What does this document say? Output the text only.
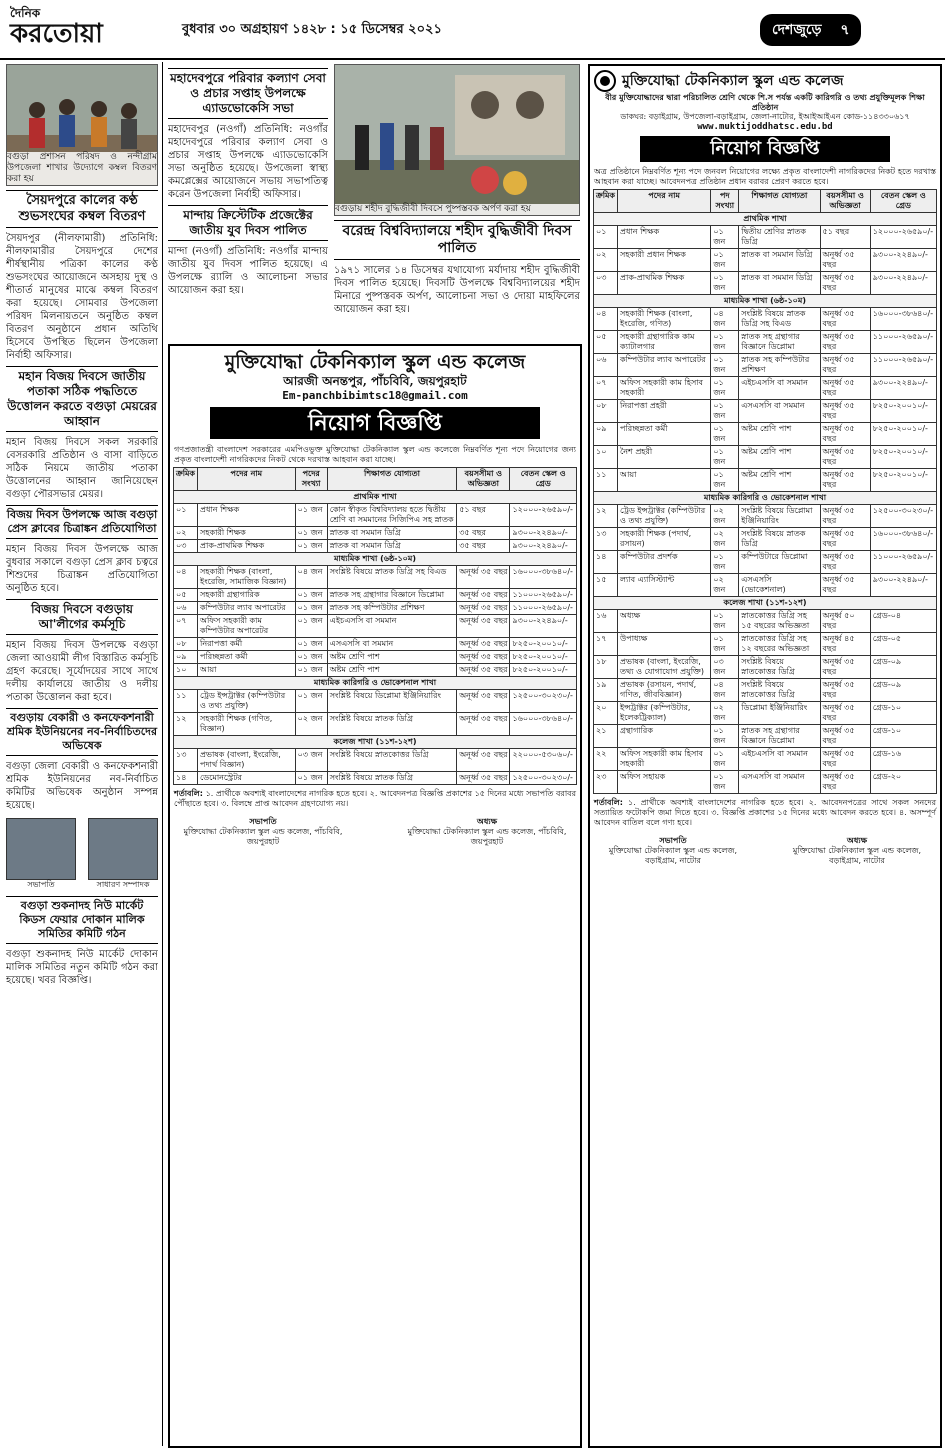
দৈনিক
করতোয়া	বুধবার ৩০ অগ্রহায়ণ ১৪২৮ : ১৫ ডিসেম্বর ২০২১	দেশজুড়ে ৭
বগুড়া প্রশাসন পরিষদ ও নন্দীগ্রাম উপজেলা শাখার উদ্যোগে কম্বল বিতরণ করা হয়
সৈয়দপুরে কালের কণ্ঠ শুভসংঘের কম্বল বিতরণ

সৈয়দপুর (নীলফামারী) প্রতিনিধি: নীলফামারীর সৈয়দপুরে দেশের শীর্ষস্থানীয় পত্রিকা কালের কণ্ঠ শুভসংঘের আয়োজনে অসহায় দুস্থ ও শীতার্ত মানুষের মাঝে কম্বল বিতরণ করা হয়েছে। সোমবার উপজেলা পরিষদ মিলনায়তনে অনুষ্ঠিত কম্বল বিতরণ অনুষ্ঠানে প্রধান অতিথি হিসেবে উপস্থিত ছিলেন উপজেলা নির্বাহী অফিসার।

মহান বিজয় দিবসে জাতীয় পতাকা সঠিক পদ্ধতিতে উত্তোলন করতে বগুড়া মেয়রের আহ্বান

মহান বিজয় দিবসে সকল সরকারি বেসরকারি প্রতিষ্ঠান ও বাসা বাড়িতে সঠিক নিয়মে জাতীয় পতাকা উত্তোলনের আহ্বান জানিয়েছেন বগুড়া পৌরসভার মেয়র।

বিজয় দিবস উপলক্ষে আজ বগুড়া প্রেস ক্লাবের চিত্রাঙ্কন প্রতিযোগিতা

মহান বিজয় দিবস উপলক্ষে আজ বুধবার সকালে বগুড়া প্রেস ক্লাব চত্বরে শিশুদের চিত্রাঙ্কন প্রতিযোগিতা অনুষ্ঠিত হবে।

বিজয় দিবসে বগুড়ায় আ'লীগের কর্মসূচি

মহান বিজয় দিবস উপলক্ষে বগুড়া জেলা আওয়ামী লীগ বিস্তারিত কর্মসূচি গ্রহণ করেছে। সূর্যোদয়ের সাথে সাথে দলীয় কার্যালয়ে জাতীয় ও দলীয় পতাকা উত্তোলন করা হবে।

বগুড়ায় বেকারী ও কনফেকশনারী শ্রমিক ইউনিয়নের নব-নির্বাচিতদের অভিষেক

বগুড়া জেলা বেকারী ও কনফেকশনারী শ্রমিক ইউনিয়নের নব-নির্বাচিত কমিটির অভিষেক অনুষ্ঠান সম্পন্ন হয়েছে।

সভাপতি	সাধারণ সম্পাদক
বগুড়া শুকনাদহ নিউ মার্কেট কিডস ফেয়ার দোকান মালিক সমিতির কমিটি গঠন

বগুড়া শুকনাদহ নিউ মার্কেট দোকান মালিক সমিতির নতুন কমিটি গঠন করা হয়েছে। খবর বিজ্ঞপ্তি।

মহাদেবপুরে পরিবার কল্যাণ সেবা ও প্রচার সপ্তাহ উপলক্ষে এ্যাডভোকেসি সভা

মহাদেবপুর (নওগাঁ) প্রতিনিধি: নওগাঁর মহাদেবপুরে পরিবার কল্যাণ সেবা ও প্রচার সপ্তাহ উপলক্ষে এ্যাডভোকেসি সভা অনুষ্ঠিত হয়েছে। উপজেলা স্বাস্থ্য কমপ্লেক্সের আয়োজনে সভায় সভাপতিত্ব করেন উপজেলা নির্বাহী অফিসার।

মান্দায় ক্রিস্টেটিক প্রজেক্টের জাতীয় যুব দিবস পালিত

মান্দা (নওগাঁ) প্রতিনিধি: নওগাঁর মান্দায় জাতীয় যুব দিবস পালিত হয়েছে। এ উপলক্ষে র‍্যালি ও আলোচনা সভার আয়োজন করা হয়।

বগুড়ায় শহীদ বুদ্ধিজীবী দিবসে পুষ্পস্তবক অর্পণ করা হয়
বরেন্দ্র বিশ্ববিদ্যালয়ে শহীদ বুদ্ধিজীবী দিবস পালিত

১৯৭১ সালের ১৪ ডিসেম্বর যথাযোগ্য মর্যাদায় শহীদ বুদ্ধিজীবী দিবস পালিত হয়েছে। দিবসটি উপলক্ষে বিশ্ববিদ্যালয়ের শহীদ মিনারে পুষ্পস্তবক অর্পণ, আলোচনা সভা ও দোয়া মাহফিলের আয়োজন করা হয়।

মুক্তিযোদ্ধা টেকনিক্যাল স্কুল এন্ড কলেজ
আরজী অনন্তপুর, পাঁচবিবি, জয়পুরহাট
Em-panchbibimtsc18@gmail.com
নিয়োগ বিজ্ঞপ্তি
গণপ্রজাতন্ত্রী বাংলাদেশ সরকারের এমপিওভুক্ত মুক্তিযোদ্ধা টেকনিক্যাল স্কুল এন্ড কলেজে নিম্নবর্ণিত শূন্য পদে নিয়োগের জন্য প্রকৃত বাংলাদেশী নাগরিকদের নিকট থেকে দরখাস্ত আহবান করা যাচ্ছে।
ক্রমিক	পদের নাম	পদের সংখ্যা	শিক্ষাগত যোগ্যতা	বয়সসীমা ও অভিজ্ঞতা	বেতন স্কেল ও গ্রেড
প্রাথমিক শাখা					
০১	প্রধান শিক্ষক	০১ জন	কোন স্বীকৃত বিশ্ববিদ্যালয় হতে দ্বিতীয় শ্রেণি বা সমমানের সিজিপিএ সহ স্নাতক	৫১ বছর	১২০০০-২৬৫৯০/-
০২	সহকারী শিক্ষক	০১ জন	স্নাতক বা সমমান ডিগ্রি	৩৫ বছর	৯৩০০-২২৪৯০/-
০৩	প্রাক-প্রাথমিক শিক্ষক	০১ জন	স্নাতক বা সমমান ডিগ্রি	৩৫ বছর	৯৩০০-২২৪৯০/-
মাধ্যমিক শাখা (৬ষ্ঠ-১০ম)					
০৪	সহকারী শিক্ষক (বাংলা, ইংরেজি, সামাজিক বিজ্ঞান)	০৪ জন	সংশ্লিষ্ট বিষয়ে স্নাতক ডিগ্রি সহ বিএড	অনূর্ধ্ব ৩৫ বছর	১৬০০০-৩৮৬৪০/-
০৫	সহকারী গ্রন্থাগারিক	০১ জন	স্নাতক সহ গ্রন্থাগার বিজ্ঞানে ডিপ্লোমা	অনূর্ধ্ব ৩৫ বছর	১১০০০-২৬৫৯০/-
০৬	কম্পিউটার ল্যাব অপারেটর	০১ জন	স্নাতক সহ কম্পিউটার প্রশিক্ষণ	অনূর্ধ্ব ৩৫ বছর	১১০০০-২৬৫৯০/-
০৭	অফিস সহকারী কাম কম্পিউটার অপারেটর	০১ জন	এইচএসসি বা সমমান	অনূর্ধ্ব ৩৫ বছর	৯৩০০-২২৪৯০/-
০৮	নিরাপত্তা কর্মী	০১ জন	এসএসসি বা সমমান	অনূর্ধ্ব ৩৫ বছর	৮২৫০-২০০১০/-
০৯	পরিচ্ছন্নতা কর্মী	০১ জন	অষ্টম শ্রেণি পাশ	অনূর্ধ্ব ৩৫ বছর	৮২৫০-২০০১০/-
১০	আয়া	০১ জন	অষ্টম শ্রেণি পাশ	অনূর্ধ্ব ৩৫ বছর	৮২৫০-২০০১০/-
মাধ্যমিক কারিগরি ও ভোকেশনাল শাখা					
১১	ট্রেড ইন্সট্রাক্টর (কম্পিউটার ও তথ্য প্রযুক্তি)	০১ জন	সংশ্লিষ্ট বিষয়ে ডিপ্লোমা ইঞ্জিনিয়ারিং	অনূর্ধ্ব ৩৫ বছর	১২৫০০-৩০২৩০/-
১২	সহকারী শিক্ষক (গণিত, বিজ্ঞান)	০২ জন	সংশ্লিষ্ট বিষয়ে স্নাতক ডিগ্রি	অনূর্ধ্ব ৩৫ বছর	১৬০০০-৩৮৬৪০/-
কলেজ শাখা (১১শ-১২শ)					
১৩	প্রভাষক (বাংলা, ইংরেজি, পদার্থ বিজ্ঞান)	০৩ জন	সংশ্লিষ্ট বিষয়ে স্নাতকোত্তর ডিগ্রি	অনূর্ধ্ব ৩৫ বছর	২২০০০-৫৩০৬০/-
১৪	ডেমোনস্ট্রেটর	০১ জন	সংশ্লিষ্ট বিষয়ে স্নাতক ডিগ্রি	অনূর্ধ্ব ৩৫ বছর	১২৫০০-৩০২৩০/-
শর্তাবলি: ১. প্রার্থীকে অবশ্যই বাংলাদেশের নাগরিক হতে হবে। ২. আবেদনপত্র বিজ্ঞপ্তি প্রকাশের ১৫ দিনের মধ্যে সভাপতি বরাবর পৌঁছাতে হবে। ৩. বিলম্বে প্রাপ্ত আবেদন গ্রহণযোগ্য নয়।
সভাপতি
মুক্তিযোদ্ধা টেকনিক্যাল স্কুল এন্ড কলেজ, পাঁচবিবি, জয়পুরহাট
অধ্যক্ষ
মুক্তিযোদ্ধা টেকনিক্যাল স্কুল এন্ড কলেজ, পাঁচবিবি, জয়পুরহাট
মুক্তিযোদ্ধা টেকনিক্যাল স্কুল এন্ড কলেজ
বীর মুক্তিযোদ্ধাদের দ্বারা পরিচালিত শ্রেণি থেকে শি.স পর্যন্ত একটি কারিগরি ও তথ্য প্রযুক্তিমূলক শিক্ষা প্রতিষ্ঠান
ডাকঘর: বড়াইগ্রাম, উপজেলা-বড়াইগ্রাম, জেলা-নাটোর, ইআইআইএন কোড-১১৪৩৩০৬১৭
www.muktijoddhatsc.edu.bd
নিয়োগ বিজ্ঞপ্তি
অত্র প্রতিষ্ঠানে নিম্নবর্ণিত শূন্য পদে জনবল নিয়োগের লক্ষ্যে প্রকৃত বাংলাদেশী নাগরিকদের নিকট হতে দরখাস্ত আহবান করা যাচ্ছে। আবেদনপত্র প্রতিষ্ঠান প্রধান বরাবর প্রেরণ করতে হবে।
ক্রমিক	পদের নাম	পদ সংখ্যা	শিক্ষাগত যোগ্যতা	বয়সসীমা ও অভিজ্ঞতা	বেতন স্কেল ও গ্রেড
প্রাথমিক শাখা					
০১	প্রধান শিক্ষক	০১ জন	দ্বিতীয় শ্রেণির স্নাতক ডিগ্রি	৫১ বছর	১২০০০-২৬৫৯০/-
০২	সহকারী প্রধান শিক্ষক	০১ জন	স্নাতক বা সমমান ডিগ্রি	অনূর্ধ্ব ৩৫ বছর	৯৩০০-২২৪৯০/-
০৩	প্রাক-প্রাথমিক শিক্ষক	০১ জন	স্নাতক বা সমমান ডিগ্রি	অনূর্ধ্ব ৩৫ বছর	৯৩০০-২২৪৯০/-
মাধ্যমিক শাখা (৬ষ্ঠ-১০ম)					
০৪	সহকারী শিক্ষক (বাংলা, ইংরেজি, গণিত)	০৪ জন	সংশ্লিষ্ট বিষয়ে স্নাতক ডিগ্রি সহ বিএড	অনূর্ধ্ব ৩৫ বছর	১৬০০০-৩৮৬৪০/-
০৫	সহকারী গ্রন্থাগারিক কাম ক্যাটালগার	০১ জন	স্নাতক সহ গ্রন্থাগার বিজ্ঞানে ডিপ্লোমা	অনূর্ধ্ব ৩৫ বছর	১১০০০-২৬৫৯০/-
০৬	কম্পিউটার ল্যাব অপারেটর	০১ জন	স্নাতক সহ কম্পিউটার প্রশিক্ষণ	অনূর্ধ্ব ৩৫ বছর	১১০০০-২৬৫৯০/-
০৭	অফিস সহকারী কাম হিসাব সহকারী	০১ জন	এইচএসসি বা সমমান	অনূর্ধ্ব ৩৫ বছর	৯৩০০-২২৪৯০/-
০৮	নিরাপত্তা প্রহরী	০১ জন	এসএসসি বা সমমান	অনূর্ধ্ব ৩৫ বছর	৮২৫০-২০০১০/-
০৯	পরিচ্ছন্নতা কর্মী	০১ জন	অষ্টম শ্রেণি পাশ	অনূর্ধ্ব ৩৫ বছর	৮২৫০-২০০১০/-
১০	নৈশ প্রহরী	০১ জন	অষ্টম শ্রেণি পাশ	অনূর্ধ্ব ৩৫ বছর	৮২৫০-২০০১০/-
১১	আয়া	০১ জন	অষ্টম শ্রেণি পাশ	অনূর্ধ্ব ৩৫ বছর	৮২৫০-২০০১০/-
মাধ্যমিক কারিগরি ও ভোকেশনাল শাখা					
১২	ট্রেড ইন্সট্রাক্টর (কম্পিউটার ও তথ্য প্রযুক্তি)	০২ জন	সংশ্লিষ্ট বিষয়ে ডিপ্লোমা ইঞ্জিনিয়ারিং	অনূর্ধ্ব ৩৫ বছর	১২৫০০-৩০২৩০/-
১৩	সহকারী শিক্ষক (পদার্থ, রসায়ন)	০২ জন	সংশ্লিষ্ট বিষয়ে স্নাতক ডিগ্রি	অনূর্ধ্ব ৩৫ বছর	১৬০০০-৩৮৬৪০/-
১৪	কম্পিউটার প্রদর্শক	০১ জন	কম্পিউটারে ডিপ্লোমা	অনূর্ধ্ব ৩৫ বছর	১১০০০-২৬৫৯০/-
১৫	ল্যাব এ্যাসিস্ট্যান্ট	০২ জন	এসএসসি (ভোকেশনাল)	অনূর্ধ্ব ৩৫ বছর	৯৩০০-২২৪৯০/-
কলেজ শাখা (১১শ-১২শ)					
১৬	অধ্যক্ষ	০১ জন	স্নাতকোত্তর ডিগ্রি সহ ১৫ বছরের অভিজ্ঞতা	অনূর্ধ্ব ৫০ বছর	গ্রেড-০৪
১৭	উপাধ্যক্ষ	০১ জন	স্নাতকোত্তর ডিগ্রি সহ ১২ বছরের অভিজ্ঞতা	অনূর্ধ্ব ৪৫ বছর	গ্রেড-০৫
১৮	প্রভাষক (বাংলা, ইংরেজি, তথ্য ও যোগাযোগ প্রযুক্তি)	০৩ জন	সংশ্লিষ্ট বিষয়ে স্নাতকোত্তর ডিগ্রি	অনূর্ধ্ব ৩৫ বছর	গ্রেড-০৯
১৯	প্রভাষক (রসায়ন, পদার্থ, গণিত, জীববিজ্ঞান)	০৪ জন	সংশ্লিষ্ট বিষয়ে স্নাতকোত্তর ডিগ্রি	অনূর্ধ্ব ৩৫ বছর	গ্রেড-০৯
২০	ইন্সট্রাক্টর (কম্পিউটার, ইলেকট্রিক্যাল)	০২ জন	ডিপ্লোমা ইঞ্জিনিয়ারিং	অনূর্ধ্ব ৩৫ বছর	গ্রেড-১০
২১	গ্রন্থাগারিক	০১ জন	স্নাতক সহ গ্রন্থাগার বিজ্ঞানে ডিপ্লোমা	অনূর্ধ্ব ৩৫ বছর	গ্রেড-১০
২২	অফিস সহকারী কাম হিসাব সহকারী	০১ জন	এইচএসসি বা সমমান	অনূর্ধ্ব ৩৫ বছর	গ্রেড-১৬
২৩	অফিস সহায়ক	০১ জন	এসএসসি বা সমমান	অনূর্ধ্ব ৩৫ বছর	গ্রেড-২০
শর্তাবলি: ১. প্রার্থীকে অবশ্যই বাংলাদেশের নাগরিক হতে হবে। ২. আবেদনপত্রের সাথে সকল সনদের সত্যায়িত ফটোকপি জমা দিতে হবে। ৩. বিজ্ঞপ্তি প্রকাশের ১৫ দিনের মধ্যে আবেদন করতে হবে। ৪. অসম্পূর্ণ আবেদন বাতিল বলে গণ্য হবে।
সভাপতি
মুক্তিযোদ্ধা টেকনিক্যাল স্কুল এন্ড কলেজ, বড়াইগ্রাম, নাটোর
অধ্যক্ষ
মুক্তিযোদ্ধা টেকনিক্যাল স্কুল এন্ড কলেজ, বড়াইগ্রাম, নাটোর
